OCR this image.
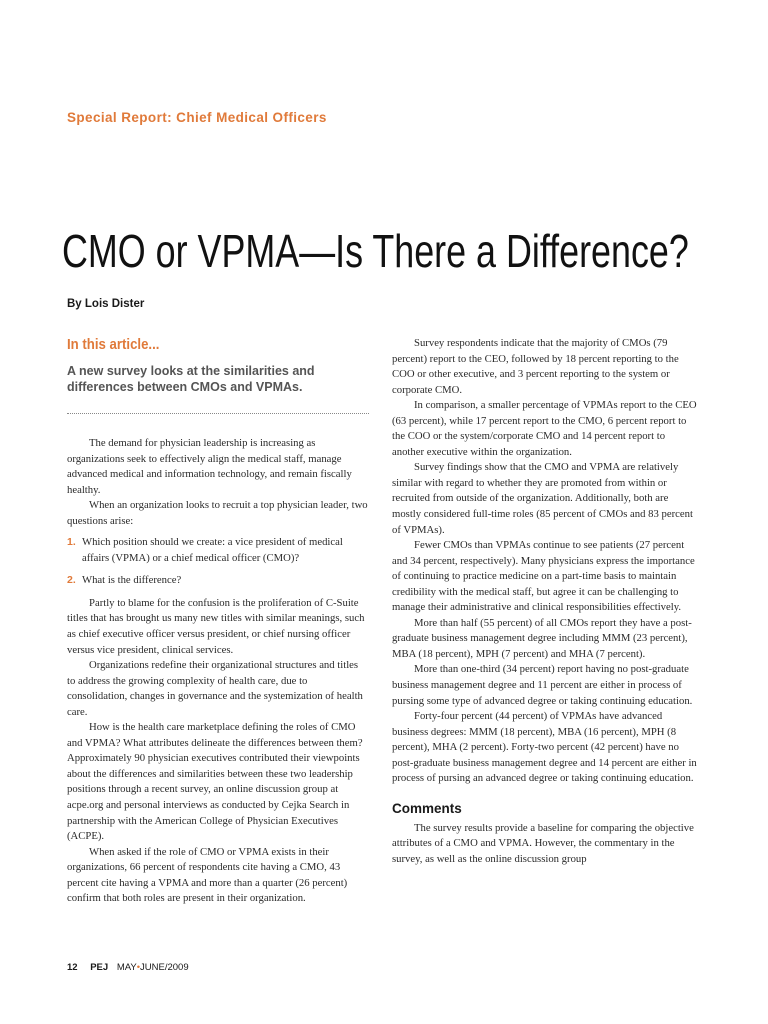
Special Report: Chief Medical Officers
CMO or VPMA—Is There a Difference?
By Lois Dister
In this article...

A new survey looks at the similarities and differences between CMOs and VPMAs.

The demand for physician leadership is increasing as organizations seek to effectively align the medical staff, manage advanced medical and information technology, and remain fiscally healthy.

When an organization looks to recruit a top physician leader, two questions arise:

1. Which position should we create: a vice president of medical affairs (VPMA) or a chief medical officer (CMO)?
2. What is the difference?

Partly to blame for the confusion is the proliferation of C-Suite titles that has brought us many new titles with similar meanings, such as chief executive officer versus president, or chief nursing officer versus vice president, clinical services.

Organizations redefine their organizational structures and titles to address the growing complexity of health care, due to consolidation, changes in governance and the systemization of health care.

How is the health care marketplace defining the roles of CMO and VPMA? What attributes delineate the differences between them? Approximately 90 physician executives contributed their viewpoints about the differences and similarities between these two leadership positions through a recent survey, an online discussion group at acpe.org and personal interviews as conducted by Cejka Search in partnership with the American College of Physician Executives (ACPE).

When asked if the role of CMO or VPMA exists in their organizations, 66 percent of respondents cite having a CMO, 43 percent cite having a VPMA and more than a quarter (26 percent) confirm that both roles are present in their organization.

Survey respondents indicate that the majority of CMOs (79 percent) report to the CEO, followed by 18 percent reporting to the COO or other executive, and 3 percent reporting to the system or corporate CMO.

In comparison, a smaller percentage of VPMAs report to the CEO (63 percent), while 17 percent report to the CMO, 6 percent report to the COO or the system/corporate CMO and 14 percent report to another executive within the organization.

Survey findings show that the CMO and VPMA are relatively similar with regard to whether they are promoted from within or recruited from outside of the organization. Additionally, both are mostly considered full-time roles (85 percent of CMOs and 83 percent of VPMAs).

Fewer CMOs than VPMAs continue to see patients (27 percent and 34 percent, respectively). Many physicians express the importance of continuing to practice medicine on a part-time basis to maintain credibility with the medical staff, but agree it can be challenging to manage their administrative and clinical responsibilities effectively.

More than half (55 percent) of all CMOs report they have a post-graduate business management degree including MMM (23 percent), MBA (18 percent), MPH (7 percent) and MHA (7 percent).

More than one-third (34 percent) report having no post-graduate business management degree and 11 percent are either in process of pursing some type of advanced degree or taking continuing education.

Forty-four percent (44 percent) of VPMAs have advanced business degrees: MMM (18 percent), MBA (16 percent), MPH (8 percent), MHA (2 percent). Forty-two percent (42 percent) have no post-graduate business management degree and 14 percent are either in process of pursing an advanced degree or taking continuing education.

Comments

The survey results provide a baseline for comparing the objective attributes of a CMO and VPMA. However, the commentary in the survey, as well as the online discussion group

12 PEJ MAY•JUNE/2009
